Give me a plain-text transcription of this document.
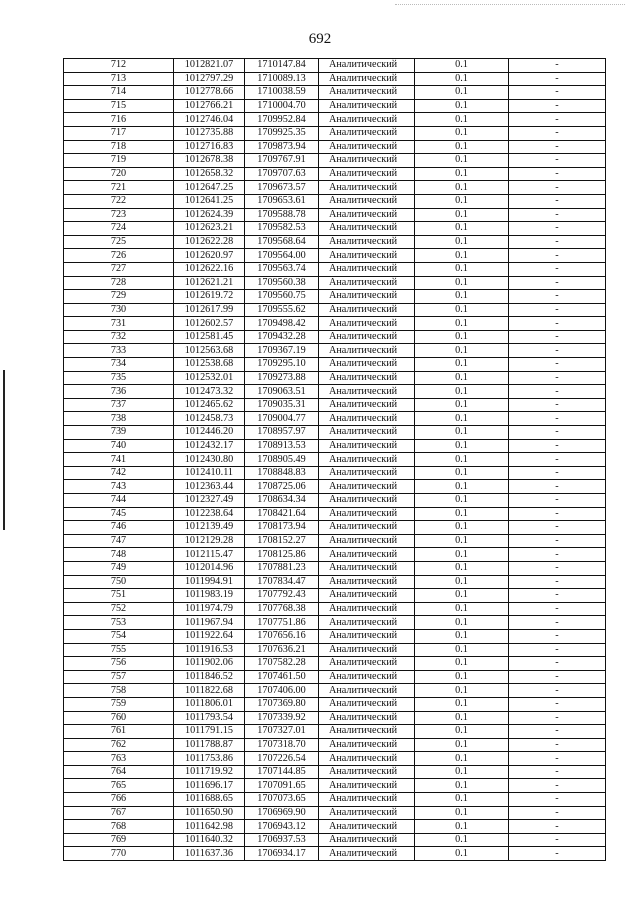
692
712	1012821.07	1710147.84	Аналитический	0.1	-
713	1012797.29	1710089.13	Аналитический	0.1	-
714	1012778.66	1710038.59	Аналитический	0.1	-
715	1012766.21	1710004.70	Аналитический	0.1	-
716	1012746.04	1709952.84	Аналитический	0.1	-
717	1012735.88	1709925.35	Аналитический	0.1	-
718	1012716.83	1709873.94	Аналитический	0.1	-
719	1012678.38	1709767.91	Аналитический	0.1	-
720	1012658.32	1709707.63	Аналитический	0.1	-
721	1012647.25	1709673.57	Аналитический	0.1	-
722	1012641.25	1709653.61	Аналитический	0.1	-
723	1012624.39	1709588.78	Аналитический	0.1	-
724	1012623.21	1709582.53	Аналитический	0.1	-
725	1012622.28	1709568.64	Аналитический	0.1	-
726	1012620.97	1709564.00	Аналитический	0.1	-
727	1012622.16	1709563.74	Аналитический	0.1	-
728	1012621.21	1709560.38	Аналитический	0.1	-
729	1012619.72	1709560.75	Аналитический	0.1	-
730	1012617.99	1709555.62	Аналитический	0.1	-
731	1012602.57	1709498.42	Аналитический	0.1	-
732	1012581.45	1709432.28	Аналитический	0.1	-
733	1012563.68	1709367.19	Аналитический	0.1	-
734	1012538.68	1709295.10	Аналитический	0.1	-
735	1012532.01	1709273.88	Аналитический	0.1	-
736	1012473.32	1709063.51	Аналитический	0.1	-
737	1012465.62	1709035.31	Аналитический	0.1	-
738	1012458.73	1709004.77	Аналитический	0.1	-
739	1012446.20	1708957.97	Аналитический	0.1	-
740	1012432.17	1708913.53	Аналитический	0.1	-
741	1012430.80	1708905.49	Аналитический	0.1	-
742	1012410.11	1708848.83	Аналитический	0.1	-
743	1012363.44	1708725.06	Аналитический	0.1	-
744	1012327.49	1708634.34	Аналитический	0.1	-
745	1012238.64	1708421.64	Аналитический	0.1	-
746	1012139.49	1708173.94	Аналитический	0.1	-
747	1012129.28	1708152.27	Аналитический	0.1	-
748	1012115.47	1708125.86	Аналитический	0.1	-
749	1012014.96	1707881.23	Аналитический	0.1	-
750	1011994.91	1707834.47	Аналитический	0.1	-
751	1011983.19	1707792.43	Аналитический	0.1	-
752	1011974.79	1707768.38	Аналитический	0.1	-
753	1011967.94	1707751.86	Аналитический	0.1	-
754	1011922.64	1707656.16	Аналитический	0.1	-
755	1011916.53	1707636.21	Аналитический	0.1	-
756	1011902.06	1707582.28	Аналитический	0.1	-
757	1011846.52	1707461.50	Аналитический	0.1	-
758	1011822.68	1707406.00	Аналитический	0.1	-
759	1011806.01	1707369.80	Аналитический	0.1	-
760	1011793.54	1707339.92	Аналитический	0.1	-
761	1011791.15	1707327.01	Аналитический	0.1	-
762	1011788.87	1707318.70	Аналитический	0.1	-
763	1011753.86	1707226.54	Аналитический	0.1	-
764	1011719.92	1707144.85	Аналитический	0.1	-
765	1011696.17	1707091.65	Аналитический	0.1	-
766	1011688.65	1707073.65	Аналитический	0.1	-
767	1011650.90	1706969.90	Аналитический	0.1	-
768	1011642.98	1706943.12	Аналитический	0.1	-
769	1011640.32	1706937.53	Аналитический	0.1	-
770	1011637.36	1706934.17	Аналитический	0.1	-
